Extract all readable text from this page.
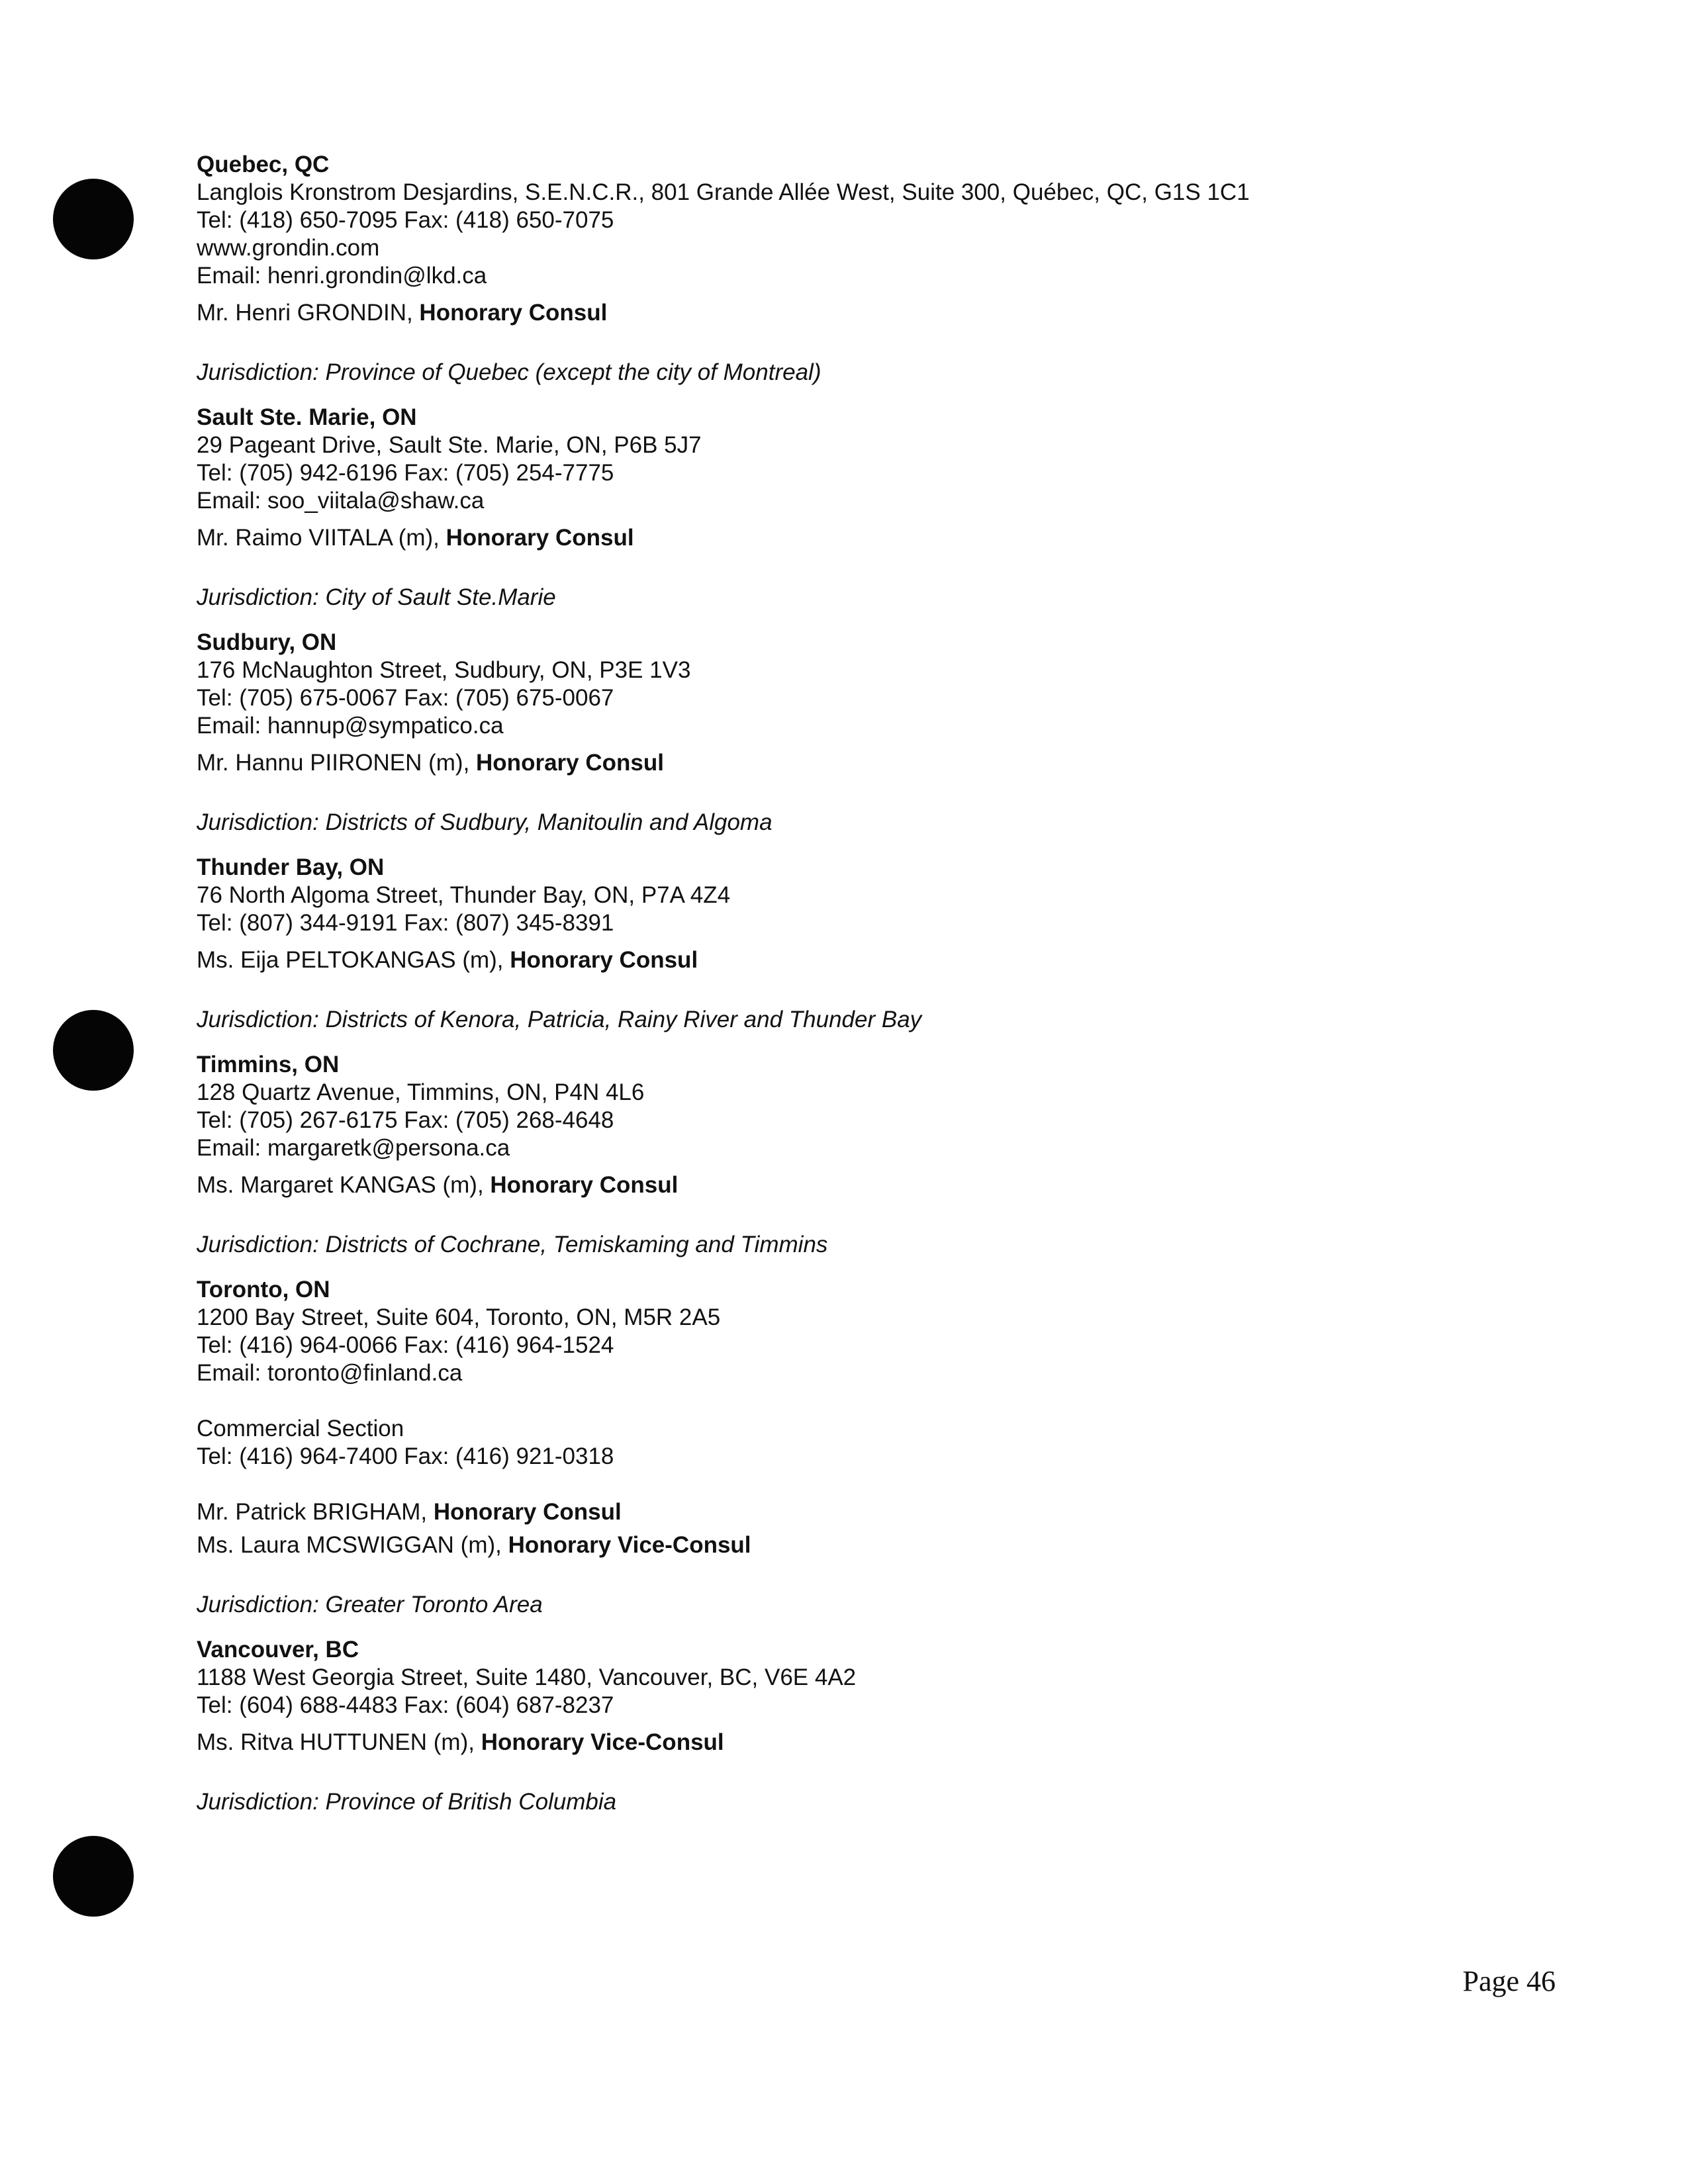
Quebec, QC
Langlois Kronstrom Desjardins, S.E.N.C.R., 801 Grande Allée West, Suite 300, Québec, QC, G1S 1C1
Tel: (418) 650-7095 Fax: (418) 650-7075
www.grondin.com
Email: henri.grondin@lkd.ca
Mr. Henri GRONDIN, Honorary Consul
Jurisdiction: Province of Quebec (except the city of Montreal)
Sault Ste. Marie, ON
29 Pageant Drive, Sault Ste. Marie, ON, P6B 5J7
Tel: (705) 942-6196 Fax: (705) 254-7775
Email: soo_viitala@shaw.ca
Mr. Raimo VIITALA (m), Honorary Consul
Jurisdiction: City of Sault Ste.Marie
Sudbury, ON
176 McNaughton Street, Sudbury, ON, P3E 1V3
Tel: (705) 675-0067 Fax: (705) 675-0067
Email: hannup@sympatico.ca
Mr. Hannu PIIRONEN (m), Honorary Consul
Jurisdiction: Districts of Sudbury, Manitoulin and Algoma
Thunder Bay, ON
76 North Algoma Street, Thunder Bay, ON, P7A 4Z4
Tel: (807) 344-9191 Fax: (807) 345-8391
Ms. Eija PELTOKANGAS (m), Honorary Consul
Jurisdiction: Districts of Kenora, Patricia, Rainy River and Thunder Bay
Timmins, ON
128 Quartz Avenue, Timmins, ON, P4N 4L6
Tel: (705) 267-6175 Fax: (705) 268-4648
Email: margaretk@persona.ca
Ms. Margaret KANGAS (m), Honorary Consul
Jurisdiction: Districts of Cochrane, Temiskaming and Timmins
Toronto, ON
1200 Bay Street, Suite 604, Toronto, ON, M5R 2A5
Tel: (416) 964-0066 Fax: (416) 964-1524
Email: toronto@finland.ca
Commercial Section
Tel: (416) 964-7400 Fax: (416) 921-0318
Mr. Patrick BRIGHAM, Honorary Consul
Ms. Laura MCSWIGGAN (m), Honorary Vice-Consul
Jurisdiction: Greater Toronto Area
Vancouver, BC
1188 West Georgia Street, Suite 1480, Vancouver, BC, V6E 4A2
Tel: (604) 688-4483 Fax: (604) 687-8237
Ms. Ritva HUTTUNEN (m), Honorary Vice-Consul
Jurisdiction: Province of British Columbia
Page 46
